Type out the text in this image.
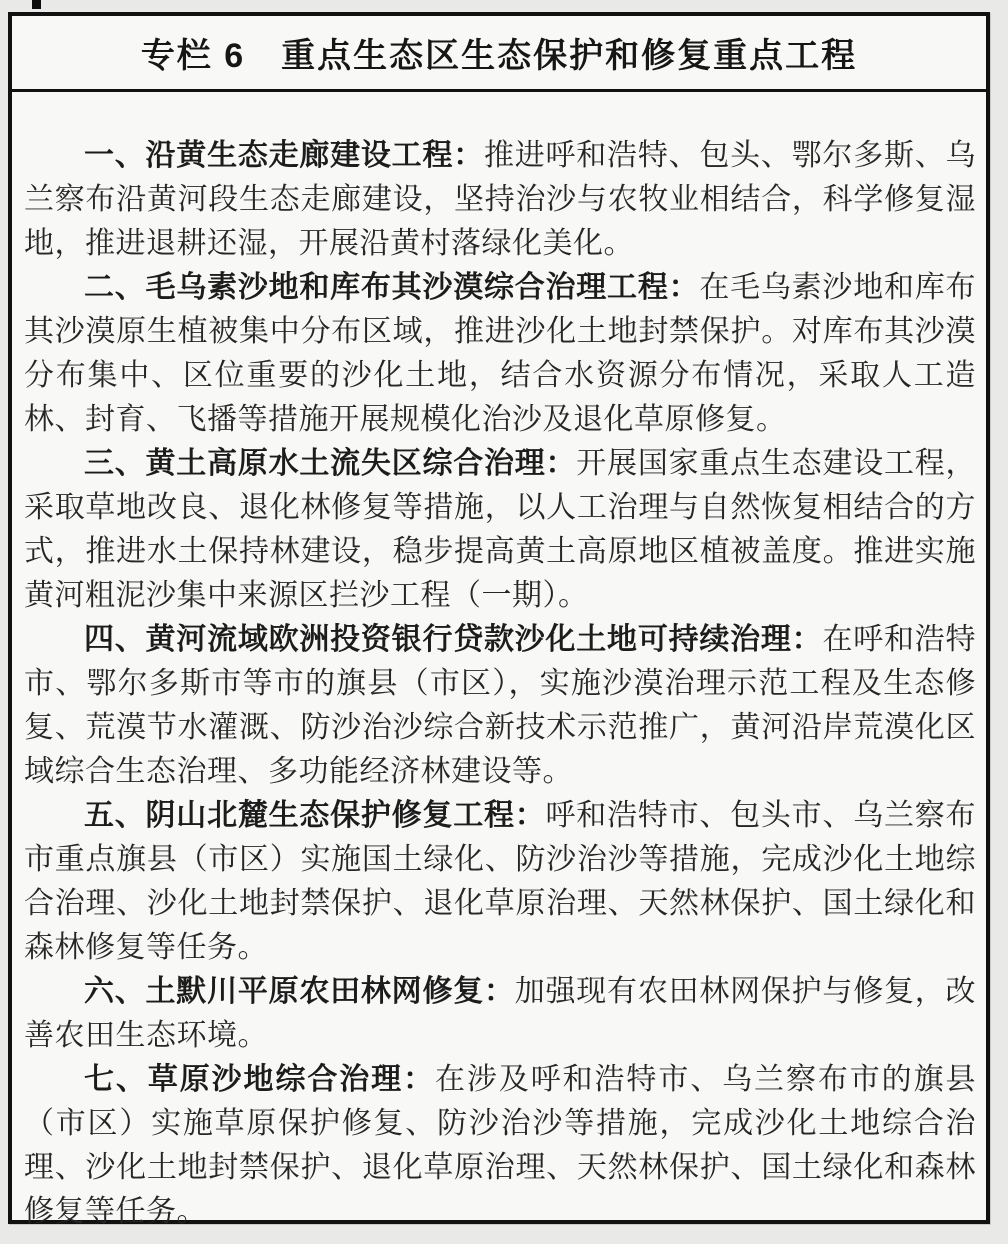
专栏 6　重点生态区生态保护和修复重点工程

一、沿黄生态走廊建设工程：推进呼和浩特、包头、鄂尔多斯、乌兰察布沿黄河段生态走廊建设，坚持治沙与农牧业相结合，科学修复湿地，推进退耕还湿，开展沿黄村落绿化美化。

二、毛乌素沙地和库布其沙漠综合治理工程：在毛乌素沙地和库布其沙漠原生植被集中分布区域，推进沙化土地封禁保护。对库布其沙漠分布集中、区位重要的沙化土地，结合水资源分布情况，采取人工造林、封育、飞播等措施开展规模化治沙及退化草原修复。

三、黄土高原水土流失区综合治理：开展国家重点生态建设工程，采取草地改良、退化林修复等措施，以人工治理与自然恢复相结合的方式，推进水土保持林建设，稳步提高黄土高原地区植被盖度。推进实施黄河粗泥沙集中来源区拦沙工程（一期）。

四、黄河流域欧洲投资银行贷款沙化土地可持续治理：在呼和浩特市、鄂尔多斯市等市的旗县（市区），实施沙漠治理示范工程及生态修复、荒漠节水灌溉、防沙治沙综合新技术示范推广，黄河沿岸荒漠化区域综合生态治理、多功能经济林建设等。

五、阴山北麓生态保护修复工程：呼和浩特市、包头市、乌兰察布市重点旗县（市区）实施国土绿化、防沙治沙等措施，完成沙化土地综合治理、沙化土地封禁保护、退化草原治理、天然林保护、国土绿化和森林修复等任务。

六、土默川平原农田林网修复：加强现有农田林网保护与修复，改善农田生态环境。

七、草原沙地综合治理：在涉及呼和浩特市、乌兰察布市的旗县（市区）实施草原保护修复、防沙治沙等措施，完成沙化土地综合治理、沙化土地封禁保护、退化草原治理、天然林保护、国土绿化和森林修复等任务。
